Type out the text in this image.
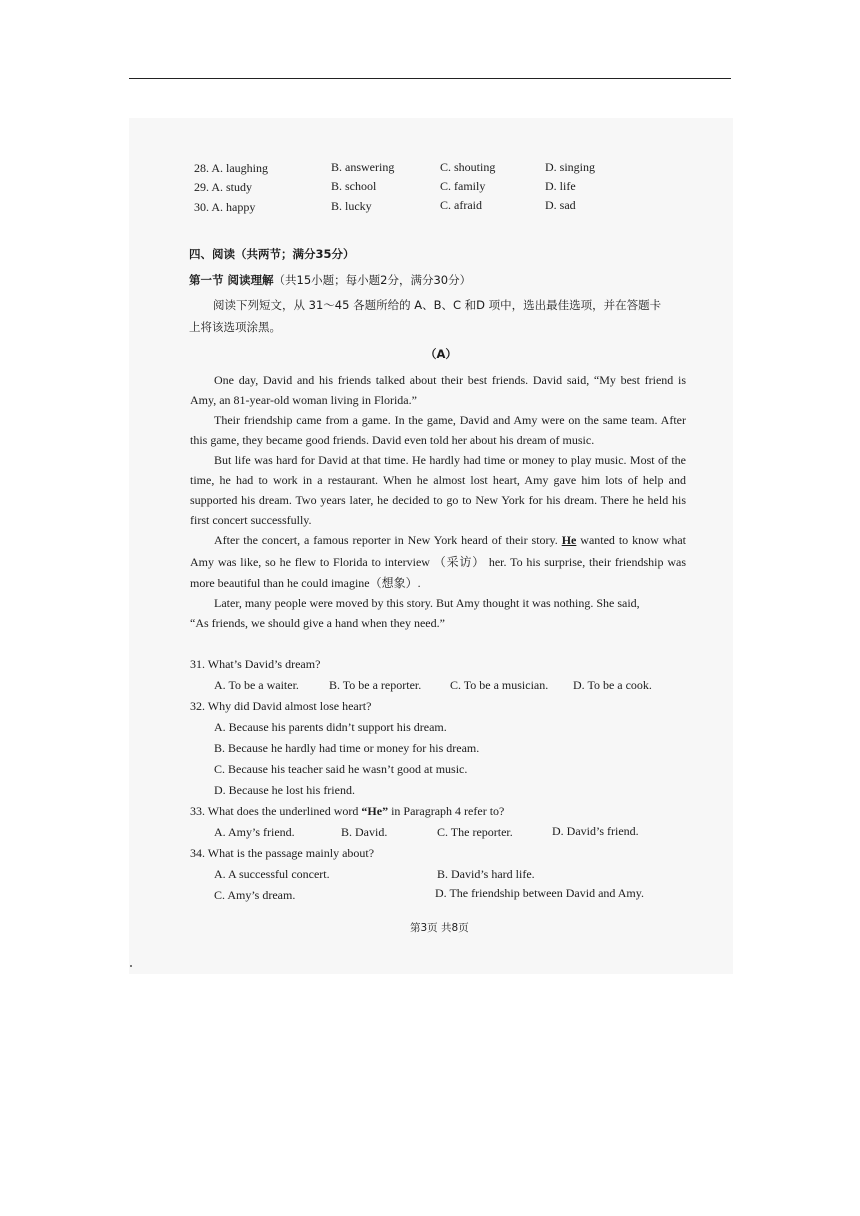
28. A. laughing	B. answering	C. shouting	D. singing
29. A. study	B. school	C. family	D. life
30. A. happy	B. lucky	C. afraid	D. sad
四、阅读（共两节；满分35分）
第一节 阅读理解（共15小题；每小题2分，满分30分）
阅读下列短文，从 31～45 各题所给的 A、B、C 和D 项中，选出最佳选项，并在答题卡
上将该选项涂黑。
（A）

One day, David and his friends talked about their best friends. David said, “My best friend is Amy, an 81-year-old woman living in Florida.”

Their friendship came from a game. In the game, David and Amy were on the same team. After this game, they became good friends. David even told her about his dream of music.

But life was hard for David at that time. He hardly had time or money to play music. Most of the time, he had to work in a restaurant. When he almost lost heart, Amy gave him lots of help and supported his dream. Two years later, he decided to go to New York for his dream. There he held his first concert successfully.

After the concert, a famous reporter in New York heard of their story. He wanted to know what Amy was like, so he flew to Florida to interview （采访） her. To his surprise, their friendship was more beautiful than he could imagine（想象）.

Later, many people were moved by this story. But Amy thought it was nothing. She said,
“As friends, we should give a hand when they need.”
31. What’s David’s dream?
A. To be a waiter.	B. To be a reporter. C. To be a musician. D. To be a cook.
32. Why did David almost lose heart?
A. Because his parents didn’t support his dream.
B. Because he hardly had time or money for his dream.
C. Because his teacher said he wasn’t good at music.
D. Because he lost his friend.
33. What does the underlined word “He” in Paragraph 4 refer to?
A. Amy’s friend.	B. David.	C. The reporter.	D. David’s friend.
34. What is the passage mainly about?
A. A successful concert.	B. David’s hard life.
C. Amy’s dream.	D. The friendship between David and Amy.
第3页 共8页
